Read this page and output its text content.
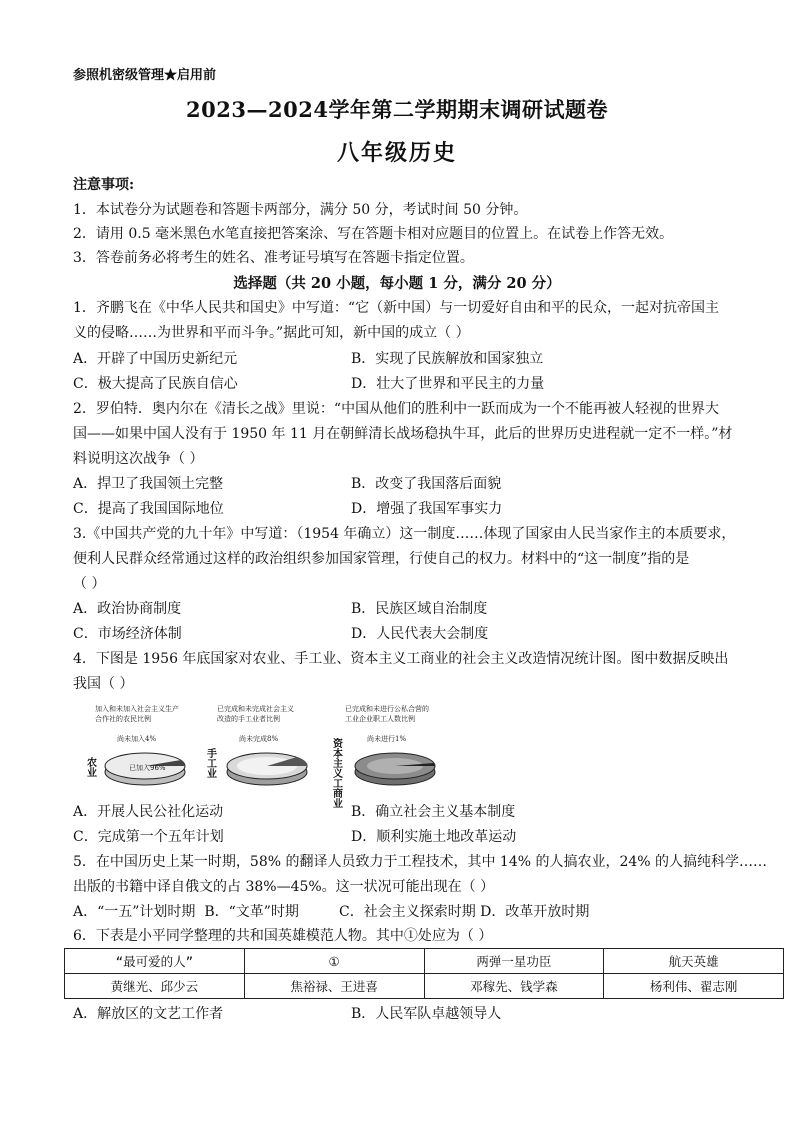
参照机密级管理★启用前
2023—2024学年第二学期期末调研试题卷
八年级历史
注意事项:
1．本试卷分为试题卷和答题卡两部分，满分 50 分，考试时间 50 分钟。
2．请用 0.5 毫米黑色水笔直接把答案涂、写在答题卡相对应题目的位置上。在试卷上作答无效。
3．答卷前务必将考生的姓名、准考证号填写在答题卡指定位置。
选择题（共 20 小题，每小题 1 分，满分 20 分）
1．齐鹏飞在《中华人民共和国史》中写道：“它（新中国）与一切爱好自由和平的民众，一起对抗帝国主
义的侵略……为世界和平而斗争。”据此可知，新中国的成立（ ）
A．开辟了中国历史新纪元	B．实现了民族解放和国家独立
C．极大提高了民族自信心	D．壮大了世界和平民主的力量
2．罗伯特．奥内尔在《清长之战》里说：“中国从他们的胜利中一跃而成为一个不能再被人轻视的世界大
国——如果中国人没有于 1950 年 11 月在朝鲜清长战场稳执牛耳，此后的世界历史进程就一定不一样。”材
料说明这次战争（ ）
A．捍卫了我国领土完整	B．改变了我国落后面貌
C．提高了我国国际地位	D．增强了我国军事实力
3.《中国共产党的九十年》中写道：（1954 年确立）这一制度……体现了国家由人民当家作主的本质要求，
便利人民群众经常通过这样的政治组织参加国家管理，行使自己的权力。材料中的“这一制度”指的是
（ ）
A．政治协商制度	B．民族区域自治制度
C．市场经济体制	D．人民代表大会制度
4．下图是 1956 年底国家对农业、手工业、资本主义工商业的社会主义改造情况统计图。图中数据反映出
我国（ ）
加入和未加入社会主义生产
合作社的农民比例
尚未加入4%
已加入96%
农业
已完成和未完成社会主义
改造的手工业者比例
尚未完成8%
手工业
已完成和未进行公私合营的
工业企业职工人数比例
尚未进行1%
资本主义工商业
A．开展人民公社化运动	B．确立社会主义基本制度
C．完成第一个五年计划	D．顺利实施土地改革运动
5．在中国历史上某一时期，58% 的翻译人员致力于工程技术，其中 14% 的人搞农业，24% 的人搞纯科学……
出版的书籍中译自俄文的占 38%—45%。这一状况可能出现在（ ）
A．“一五”计划时期  B．“文革”时期         C．社会主义探索时期 D．改革开放时期
6．下表是小平同学整理的共和国英雄模范人物。其中①处应为（ ）
“最可爱的人”	①	两弹一星功臣	航天英雄
黄继光、邱少云	焦裕禄、王进喜	邓稼先、钱学森	杨利伟、翟志刚
A．解放区的文艺工作者	B．人民军队卓越领导人
